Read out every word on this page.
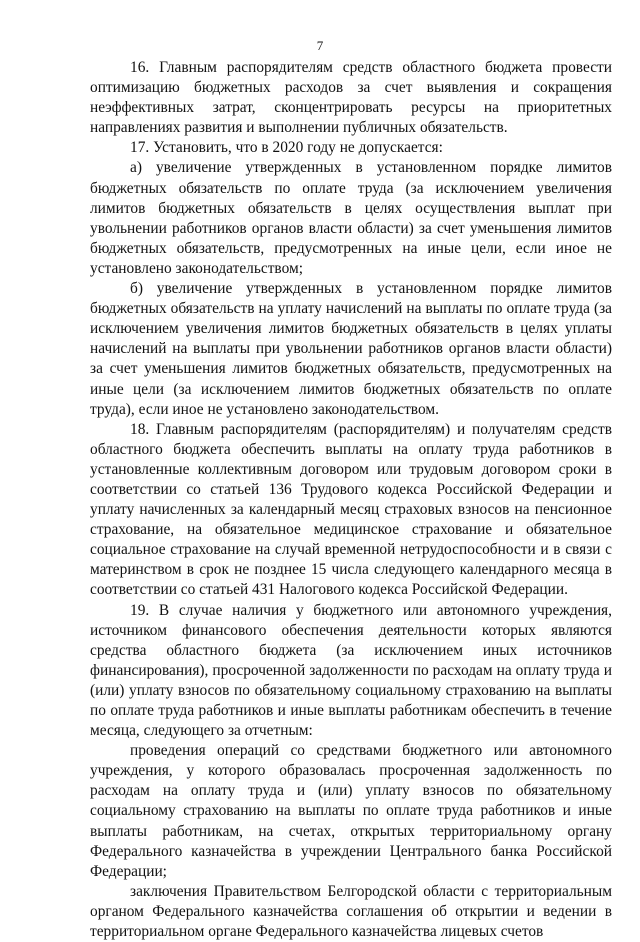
7

16. Главным распорядителям средств областного бюджета провести оптимизацию бюджетных расходов за счет выявления и сокращения неэффективных затрат, сконцентрировать ресурсы на приоритетных направлениях развития и выполнении публичных обязательств.

17. Установить, что в 2020 году не допускается:

а) увеличение утвержденных в установленном порядке лимитов бюджетных обязательств по оплате труда (за исключением увеличения лимитов бюджетных обязательств в целях осуществления выплат при увольнении работников органов власти области) за счет уменьшения лимитов бюджетных обязательств, предусмотренных на иные цели, если иное не установлено законодательством;

б) увеличение утвержденных в установленном порядке лимитов бюджетных обязательств на уплату начислений на выплаты по оплате труда (за исключением увеличения лимитов бюджетных обязательств в целях уплаты начислений на выплаты при увольнении работников органов власти области) за счет уменьшения лимитов бюджетных обязательств, предусмотренных на иные цели (за исключением лимитов бюджетных обязательств по оплате труда), если иное не установлено законодательством.

18. Главным распорядителям (распорядителям) и получателям средств областного бюджета обеспечить выплаты на оплату труда работников в установленные коллективным договором или трудовым договором сроки в соответствии со статьей 136 Трудового кодекса Российской Федерации и уплату начисленных за календарный месяц страховых взносов на пенсионное страхование, на обязательное медицинское страхование и обязательное социальное страхование на случай временной нетрудоспособности и в связи с материнством в срок не позднее 15 числа следующего календарного месяца в соответствии со статьей 431 Налогового кодекса Российской Федерации.

19. В случае наличия у бюджетного или автономного учреждения, источником финансового обеспечения деятельности которых являются средства областного бюджета (за исключением иных источников финансирования), просроченной задолженности по расходам на оплату труда и (или) уплату взносов по обязательному социальному страхованию на выплаты по оплате труда работников и иные выплаты работникам обеспечить в течение месяца, следующего за отчетным:

проведения операций со средствами бюджетного или автономного учреждения, у которого образовалась просроченная задолженность по расходам на оплату труда и (или) уплату взносов по обязательному социальному страхованию на выплаты по оплате труда работников и иные выплаты работникам, на счетах, открытых территориальному органу Федерального казначейства в учреждении Центрального банка Российской Федерации;

заключения Правительством Белгородской области с территориальным органом Федерального казначейства соглашения об открытии и ведении в территориальном органе Федерального казначейства лицевых счетов
